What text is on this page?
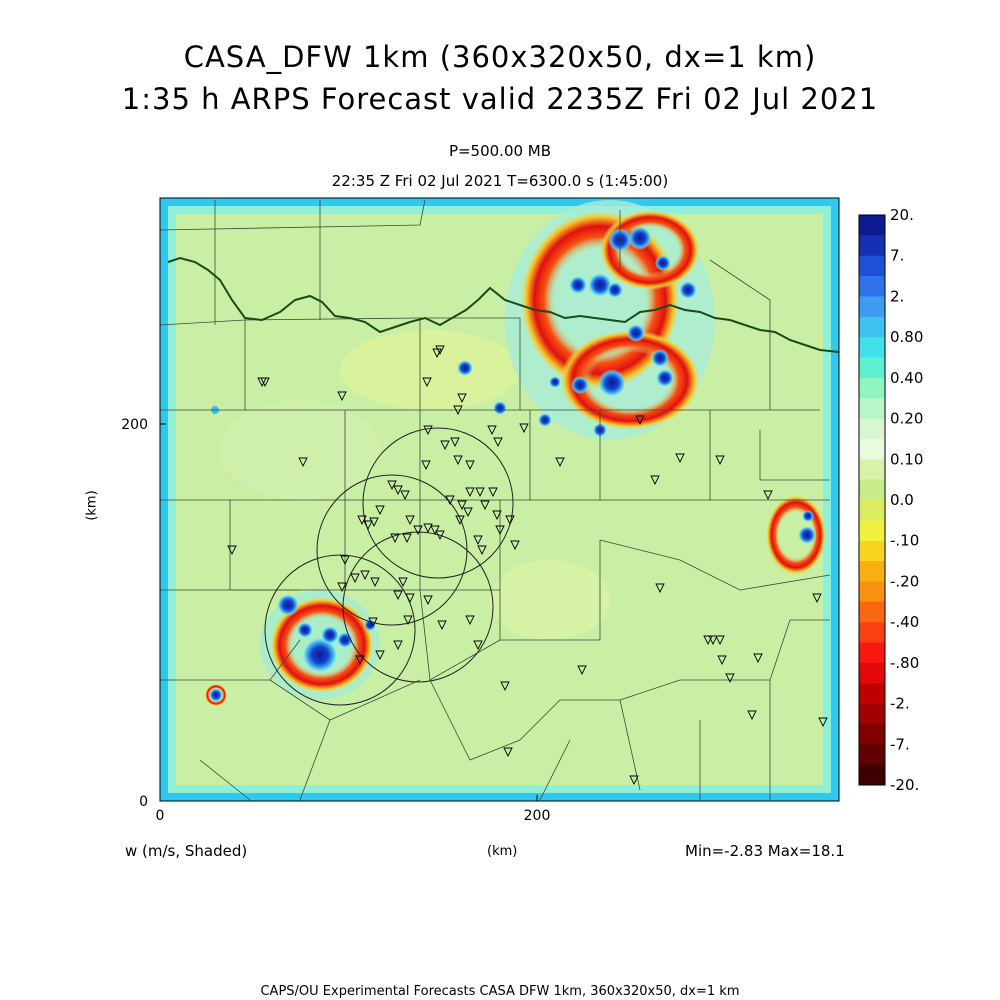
CASA_DFW 1km (360x320x50, dx=1 km)
1:35 h ARPS Forecast valid 2235Z Fri 02 Jul 2021
P=500.00 MB
22:35 Z Fri 02 Jul 2021 T=6300.0 s (1:45:00)
0	200
0
200
20.
7.
2.
0.80
0.40
0.20
0.10
0.0
-.10
-.20
-.40
-.80
-2.
-7.
-20.
(km)
(km)
w (m/s, Shaded)	Min=-2.83 Max=18.1
CAPS/OU Experimental Forecasts CASA DFW 1km, 360x320x50, dx=1 km
